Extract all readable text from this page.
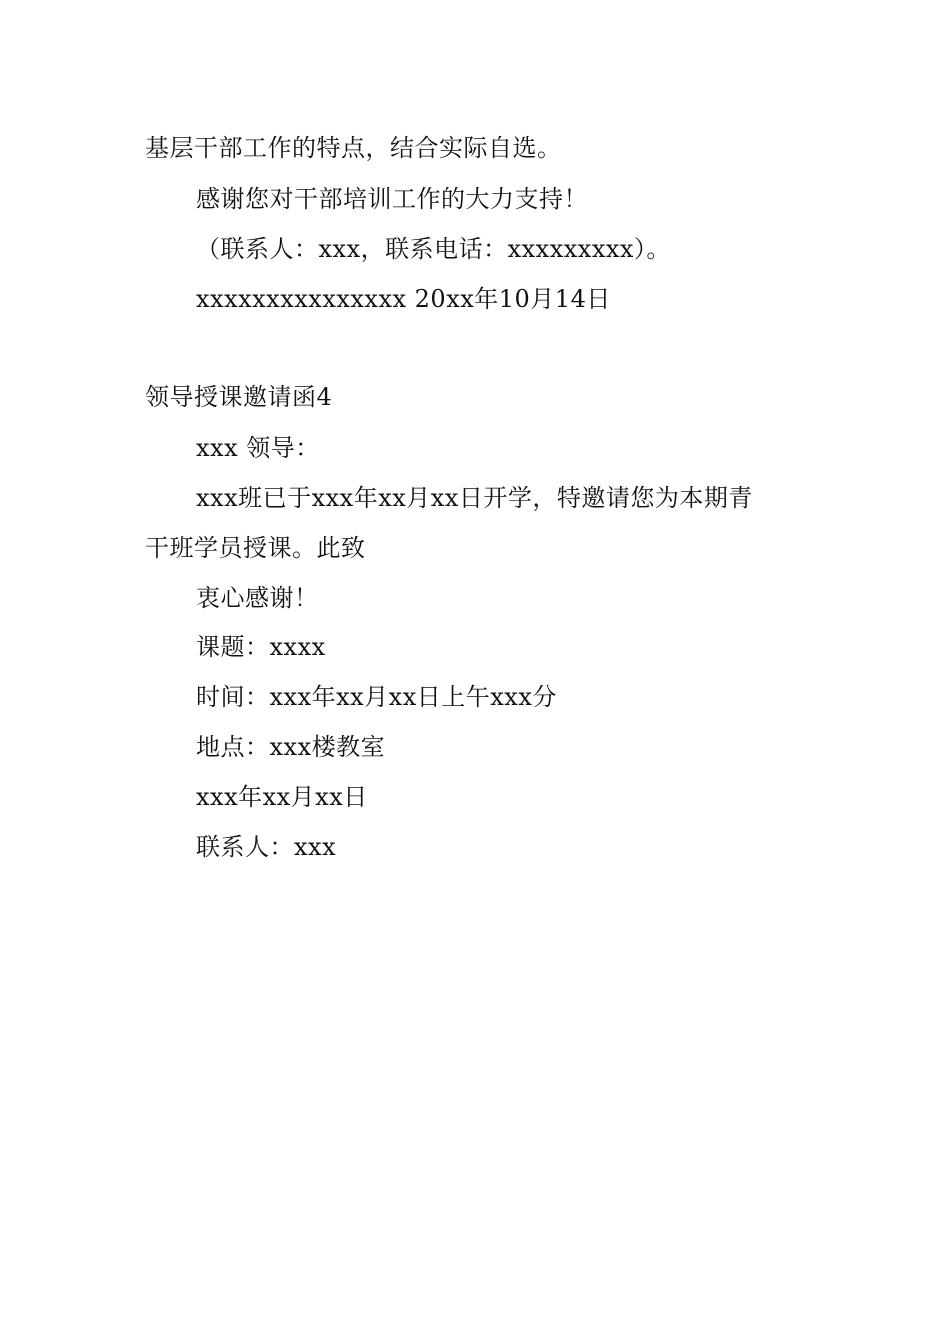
基层干部工作的特点，结合实际自选。
感谢您对干部培训工作的大力支持！
（联系人：xxx，联系电话：xxxxxxxxx）。
xxxxxxxxxxxxxxx 20xx年10月14日
领导授课邀请函4
xxx 领导：
xxx班已于xxx年xx月xx日开学，特邀请您为本期青
干班学员授课。此致
衷心感谢！
课题：xxxx
时间：xxx年xx月xx日上午xxx分
地点：xxx楼教室
xxx年xx月xx日
联系人：xxx
